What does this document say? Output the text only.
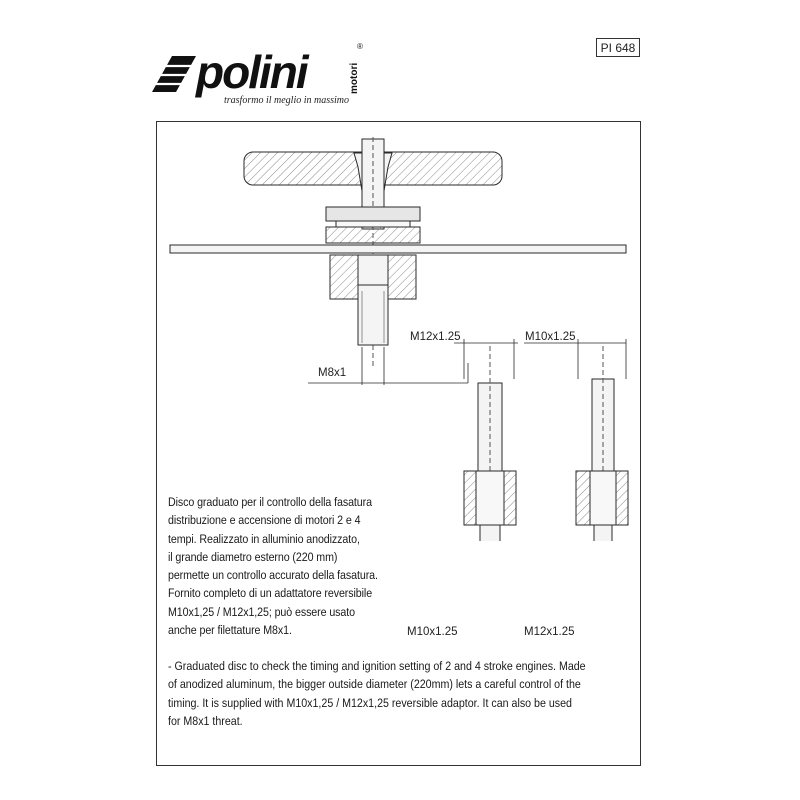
polini	motori
®
trasformo il meglio in massimo
PI 648
M8x1
M12x1.25	M10x1.25
M10x1.25	M12x1.25

Disco graduato per il controllo della fasatura

distribuzione e accensione di motori 2 e 4

tempi. Realizzato in alluminio anodizzato,

il grande diametro esterno (220 mm)

permette un controllo accurato della fasatura.

Fornito completo di un adattatore reversibile

M10x1,25 / M12x1,25; può essere usato

anche per filettature M8x1.

- Graduated disc to check the timing and ignition setting of 2 and 4 stroke engines. Made

of anodized aluminum, the bigger outside diameter (220mm) lets a careful control of the

timing. It is supplied with M10x1,25 / M12x1,25 reversible adaptor. It can also be used

for M8x1 threat.
